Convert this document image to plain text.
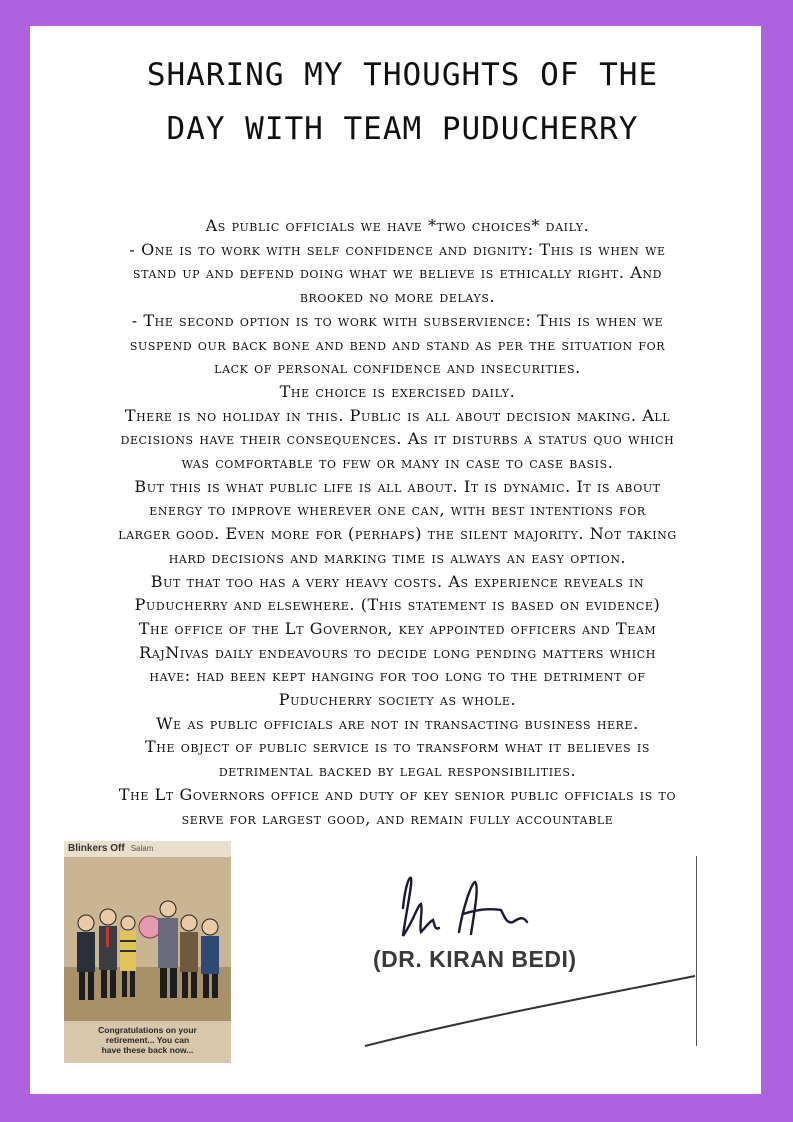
SHARING MY THOUGHTS OF THE
DAY WITH TEAM PUDUCHERRY
As public officials we have *two choices* daily.
- One is to work with self confidence and dignity: This is when we
stand up and defend doing what we believe is ethically right. And
brooked no more delays.
- The second option is to work with subservience: This is when we
suspend our back bone and bend and stand as per the situation for
lack of personal confidence and insecurities.
The choice is exercised daily.
There is no holiday in this. Public is all about decision making. All
decisions have their consequences. As it disturbs a status quo which
was comfortable to few or many in case to case basis.
But this is what public life is all about. It is dynamic. It is about
energy to improve wherever one can, with best intentions for
larger good. Even more for (perhaps) the silent majority. Not taking
hard decisions and marking time is always an easy option.
But that too has a very heavy costs. As experience reveals in
Puducherry and elsewhere. (This statement is based on evidence)
The office of the Lt Governor, key appointed officers and Team
RajNivas daily endeavours to decide long pending matters which
have: had been kept hanging for too long to the detriment of
Puducherry society as whole.
We as public officials are not in transacting business here.
The object of public service is to transform what it believes is
detrimental backed by legal responsibilities.
The Lt Governors office and duty of key senior public officials is to
serve for largest good, and remain fully accountable
Blinkers Off Salam
Congratulations on your
retirement... You can
have these back now...
(DR. KIRAN BEDI)
